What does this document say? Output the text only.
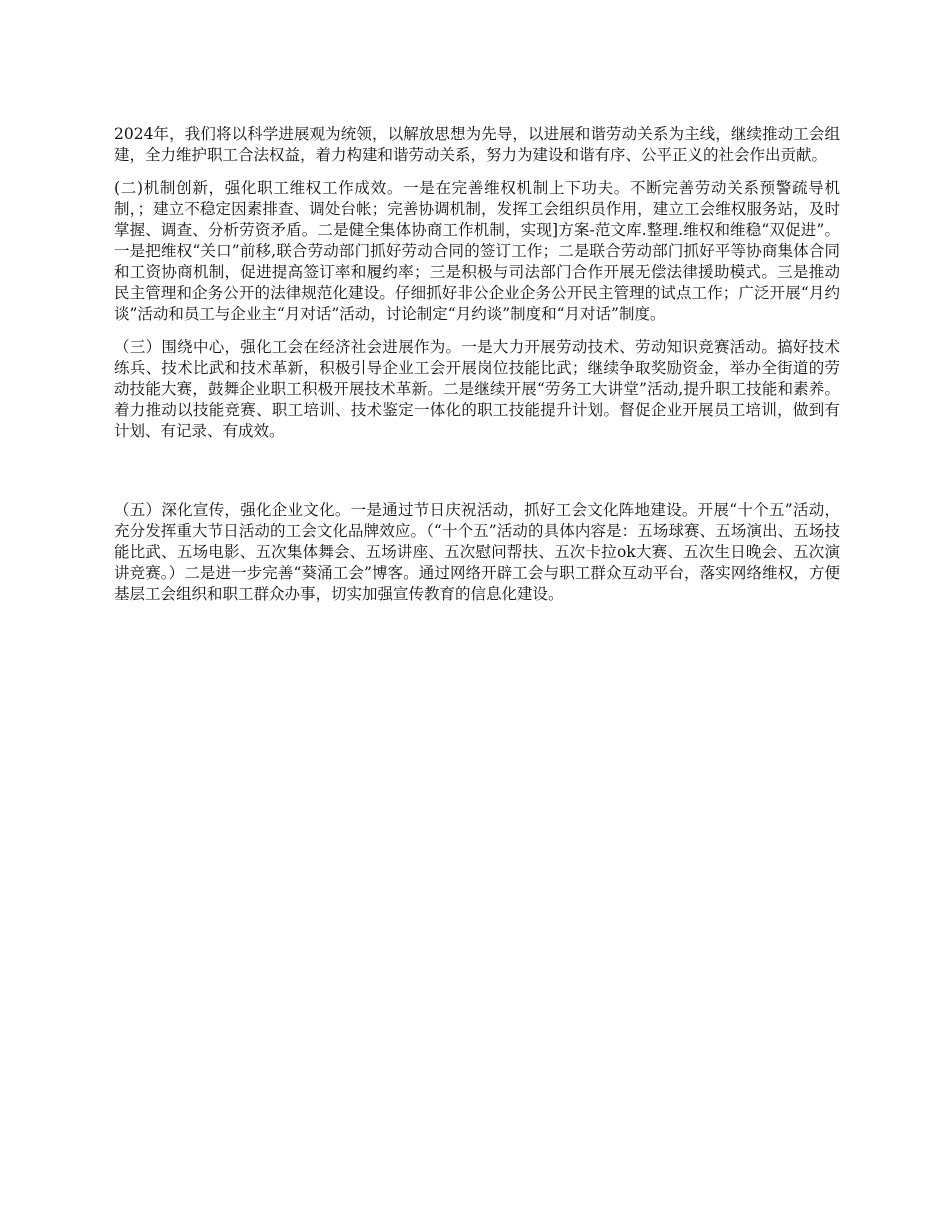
2024年，我们将以科学进展观为统领，以解放思想为先导，以进展和谐劳动关系为主线，继续推动工会组建，全力维护职工合法权益，着力构建和谐劳动关系，努力为建设和谐有序、公平正义的社会作出贡献。

(二)机制创新，强化职工维权工作成效。一是在完善维权机制上下功夫。不断完善劳动关系预警疏导机制，；建立不稳定因素排查、调处台帐；完善协调机制，发挥工会组织员作用，建立工会维权服务站，及时掌握、调查、分析劳资矛盾。二是健全集体协商工作机制，实现]方案-范文库.整理.维权和维稳“双促进”。一是把维权“关口”前移,联合劳动部门抓好劳动合同的签订工作；二是联合劳动部门抓好平等协商集体合同和工资协商机制，促进提高签订率和履约率；三是积极与司法部门合作开展无偿法律援助模式。三是推动民主管理和企务公开的法律规范化建设。仔细抓好非公企业企务公开民主管理的试点工作；广泛开展“月约谈”活动和员工与企业主“月对话”活动，讨论制定“月约谈”制度和“月对话”制度。

（三）围绕中心，强化工会在经济社会进展作为。一是大力开展劳动技术、劳动知识竞赛活动。搞好技术练兵、技术比武和技术革新，积极引导企业工会开展岗位技能比武；继续争取奖励资金，举办全街道的劳动技能大赛，鼓舞企业职工积极开展技术革新。二是继续开展“劳务工大讲堂”活动,提升职工技能和素养。着力推动以技能竞赛、职工培训、技术鉴定一体化的职工技能提升计划。督促企业开展员工培训，做到有计划、有记录、有成效。

（五）深化宣传，强化企业文化。一是通过节日庆祝活动，抓好工会文化阵地建设。开展“十个五”活动，充分发挥重大节日活动的工会文化品牌效应。（“十个五”活动的具体内容是：五场球赛、五场演出、五场技能比武、五场电影、五次集体舞会、五场讲座、五次慰问帮扶、五次卡拉ok大赛、五次生日晚会、五次演讲竞赛。）二是进一步完善“葵涌工会”博客。通过网络开辟工会与职工群众互动平台，落实网络维权，方便基层工会组织和职工群众办事，切实加强宣传教育的信息化建设。
